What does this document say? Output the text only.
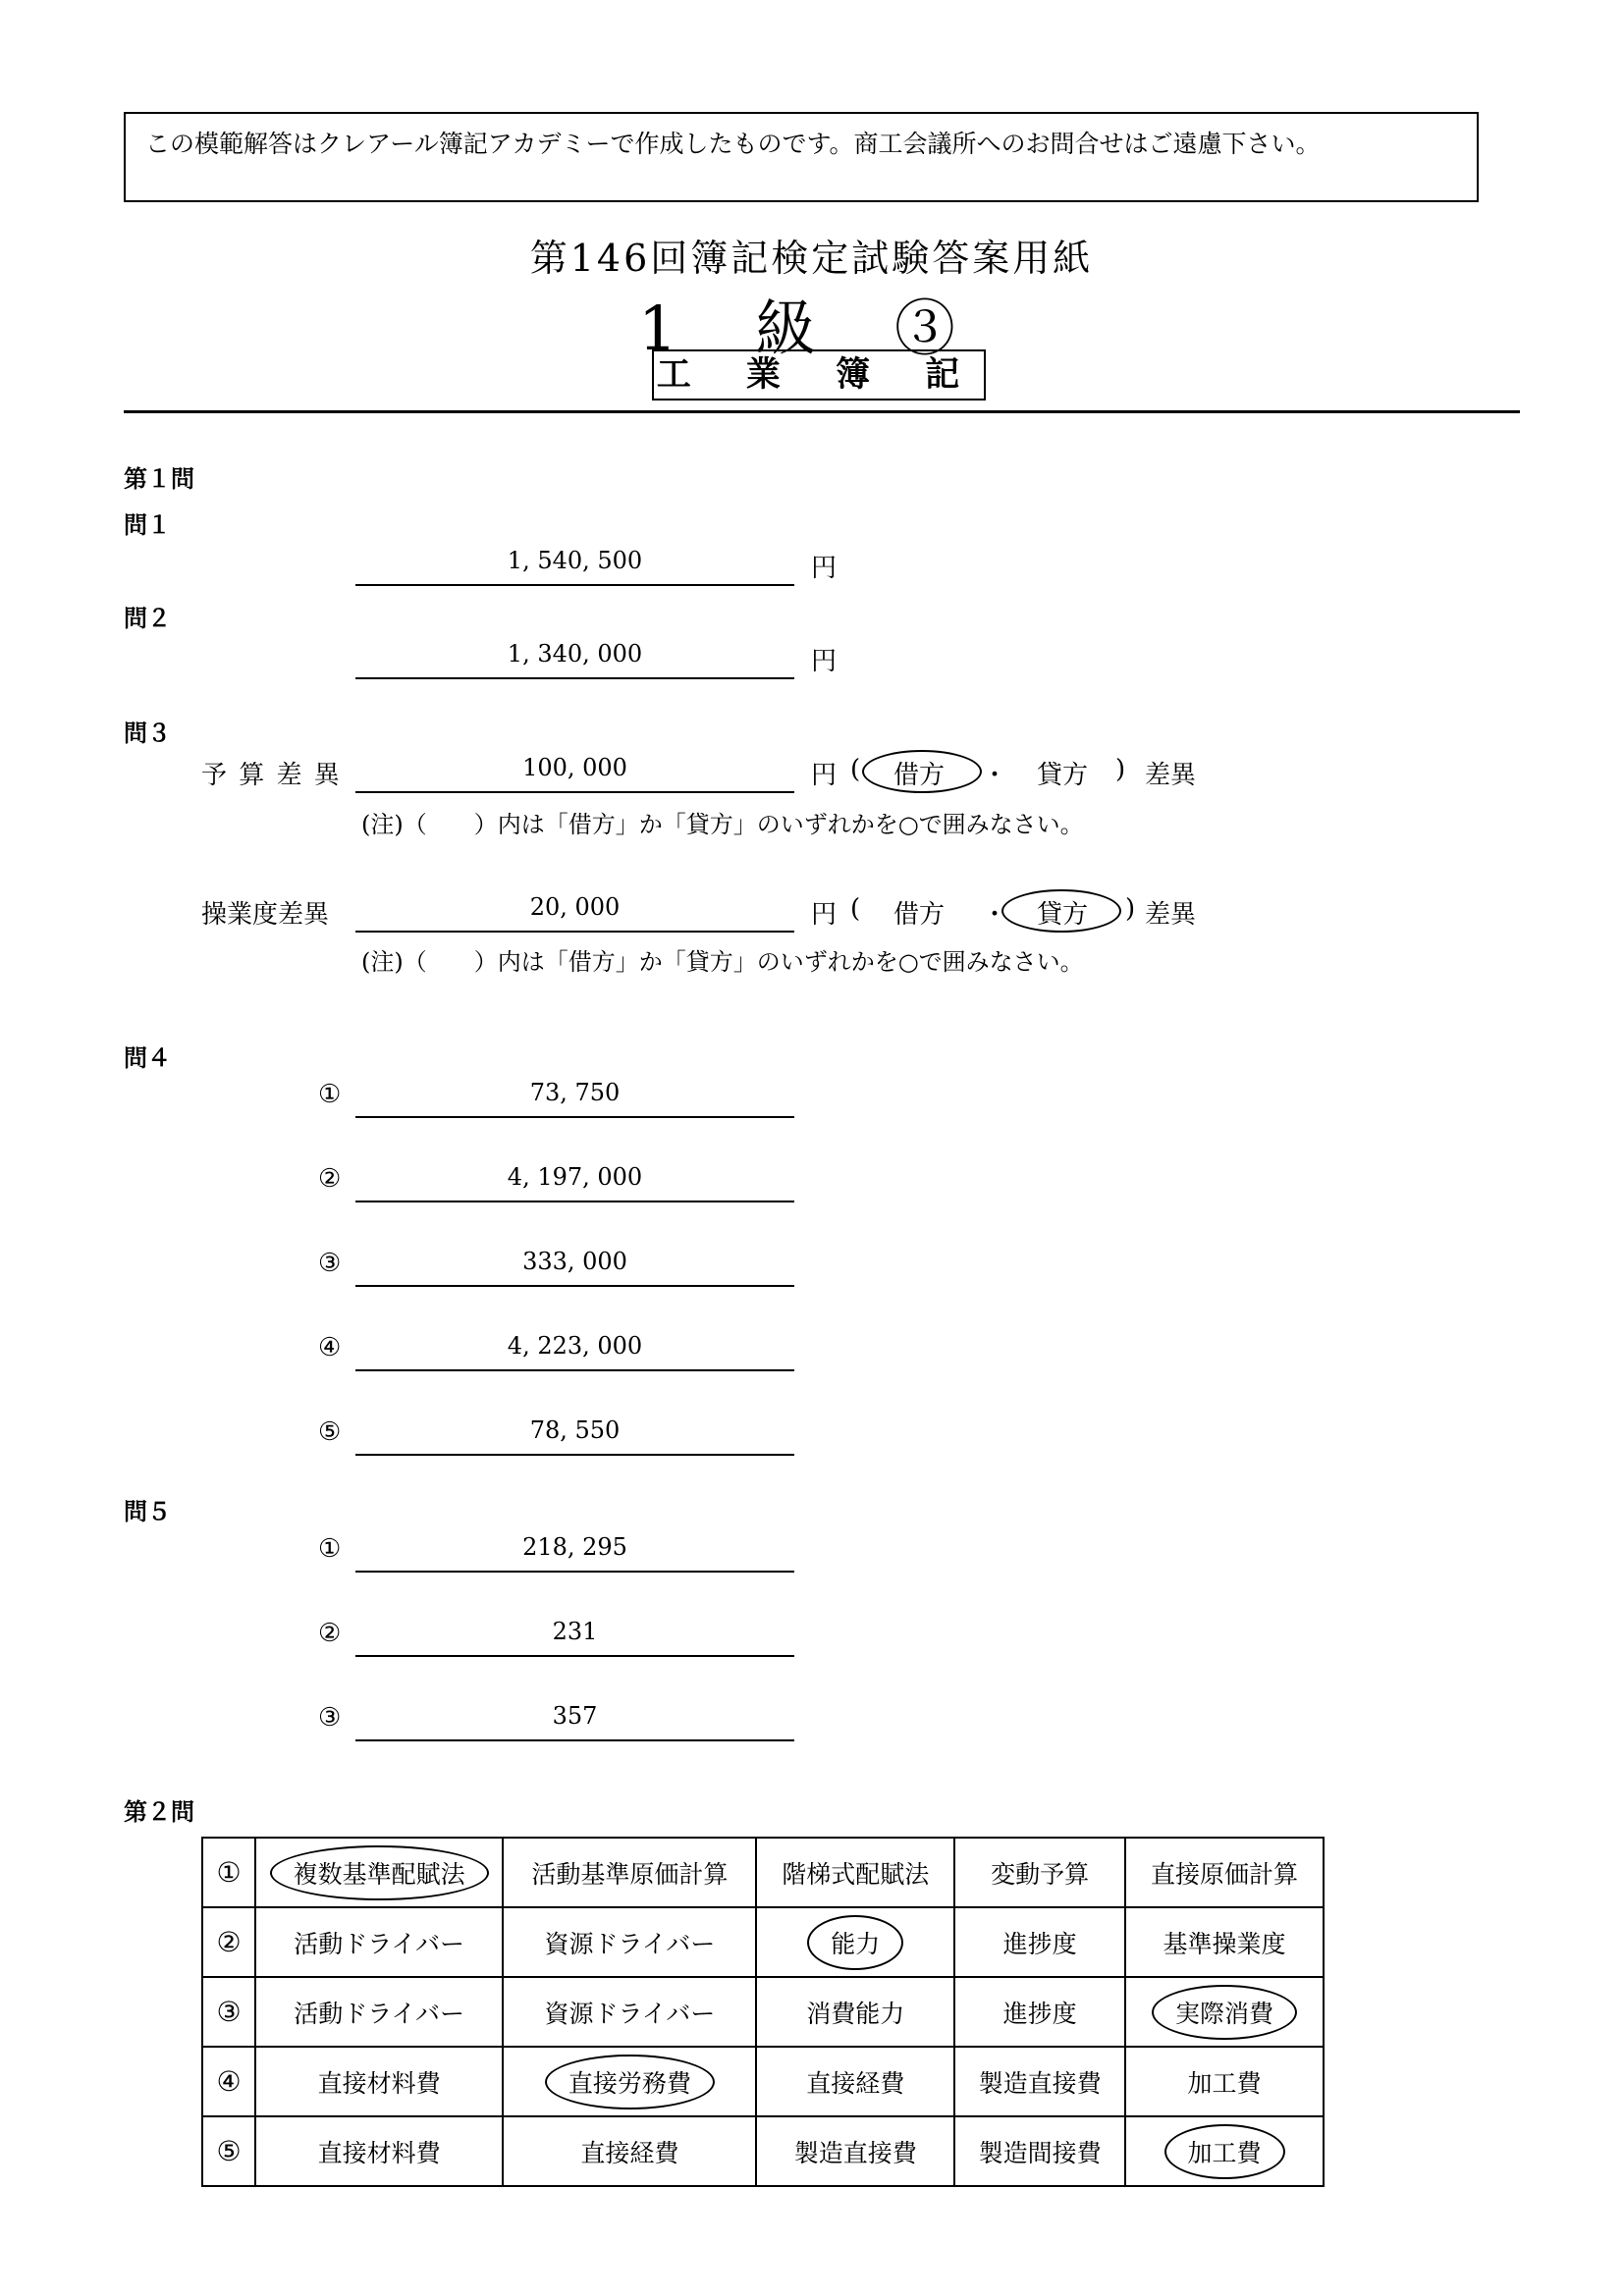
この模範解答はクレアール簿記アカデミーで作成したものです。商工会議所へのお問合せはご遠慮下さい。
第146回簿記検定試験答案用紙
1 級 ③
工 業 簿 記
第１問
問１
1, 540, 500	円
問２
1, 340, 000	円
問３
予 算 差 異	100, 000	円 ( 借方 ・ 貸方 ) 差異
(注)（　　）内は「借方」か「貸方」のいずれかを○で囲みなさい。
操業度差異	20, 000	円 ( 借方 ・ 貸方 ) 差異
(注)（　　）内は「借方」か「貸方」のいずれかを○で囲みなさい。
問４
①	73, 750
②	4, 197, 000
③	333, 000
④	4, 223, 000
⑤	78, 550
問５
①	218, 295
②	231
③	357
第２問
①	複数基準配賦法	活動基準原価計算	階梯式配賦法	変動予算	直接原価計算
②	活動ドライバー	資源ドライバー	能力	進捗度	基準操業度
③	活動ドライバー	資源ドライバー	消費能力	進捗度	実際消費
④	直接材料費	直接労務費	直接経費	製造直接費	加工費
⑤	直接材料費	直接経費	製造直接費	製造間接費	加工費
